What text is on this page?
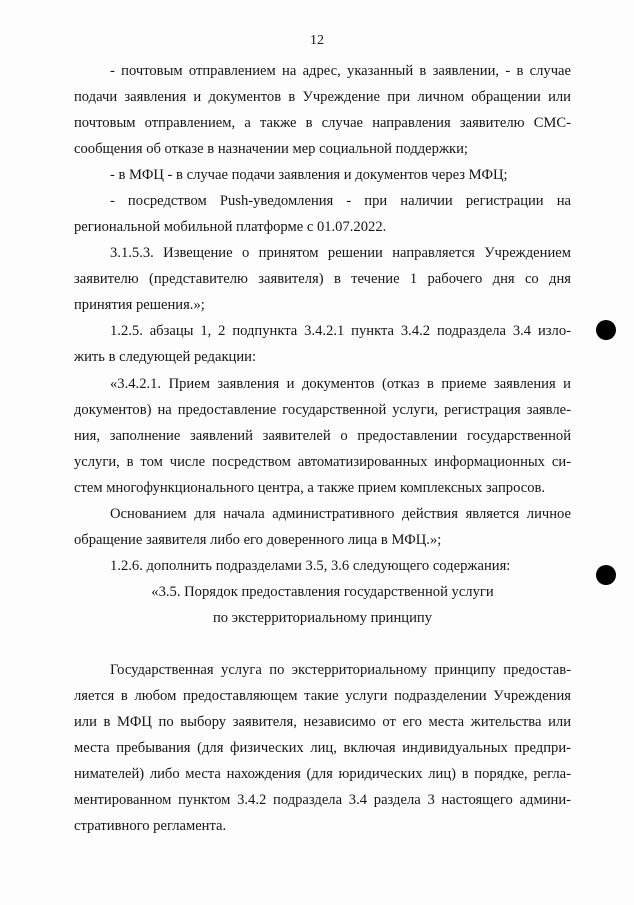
12
- почтовым отправлением на адрес, указанный в заявлении, - в случае
подачи заявления и документов в Учреждение при личном обращении или
почтовым отправлением, а также в случае направления заявителю СМС-
сообщения об отказе в назначении мер социальной поддержки;
- в МФЦ - в случае подачи заявления и документов через МФЦ;
- посредством Push-уведомления - при наличии регистрации на
региональной мобильной платформе с 01.07.2022.
3.1.5.3. Извещение о принятом решении направляется Учреждением
заявителю (представителю заявителя) в течение 1 рабочего дня со дня
принятия решения.»;
1.2.5. абзацы 1, 2 подпункта 3.4.2.1 пункта 3.4.2 подраздела 3.4 изло-
жить в следующей редакции:
«3.4.2.1. Прием заявления и документов (отказ в приеме заявления и
документов) на предоставление государственной услуги, регистрация заявле-
ния, заполнение заявлений заявителей о предоставлении государственной
услуги, в том числе посредством автоматизированных информационных си-
стем многофункционального центра, а также прием комплексных запросов.
Основанием для начала административного действия является личное
обращение заявителя либо его доверенного лица в МФЦ.»;
1.2.6. дополнить подразделами 3.5, 3.6 следующего содержания:
«3.5. Порядок предоставления государственной услуги
по экстерриториальному принципу
Государственная услуга по экстерриториальному принципу предостав-
ляется в любом предоставляющем такие услуги подразделении Учреждения
или в МФЦ по выбору заявителя, независимо от его места жительства или
места пребывания (для физических лиц, включая индивидуальных предпри-
нимателей) либо места нахождения (для юридических лиц) в порядке, регла-
ментированном пунктом 3.4.2 подраздела 3.4 раздела 3 настоящего админи-
стративного регламента.
